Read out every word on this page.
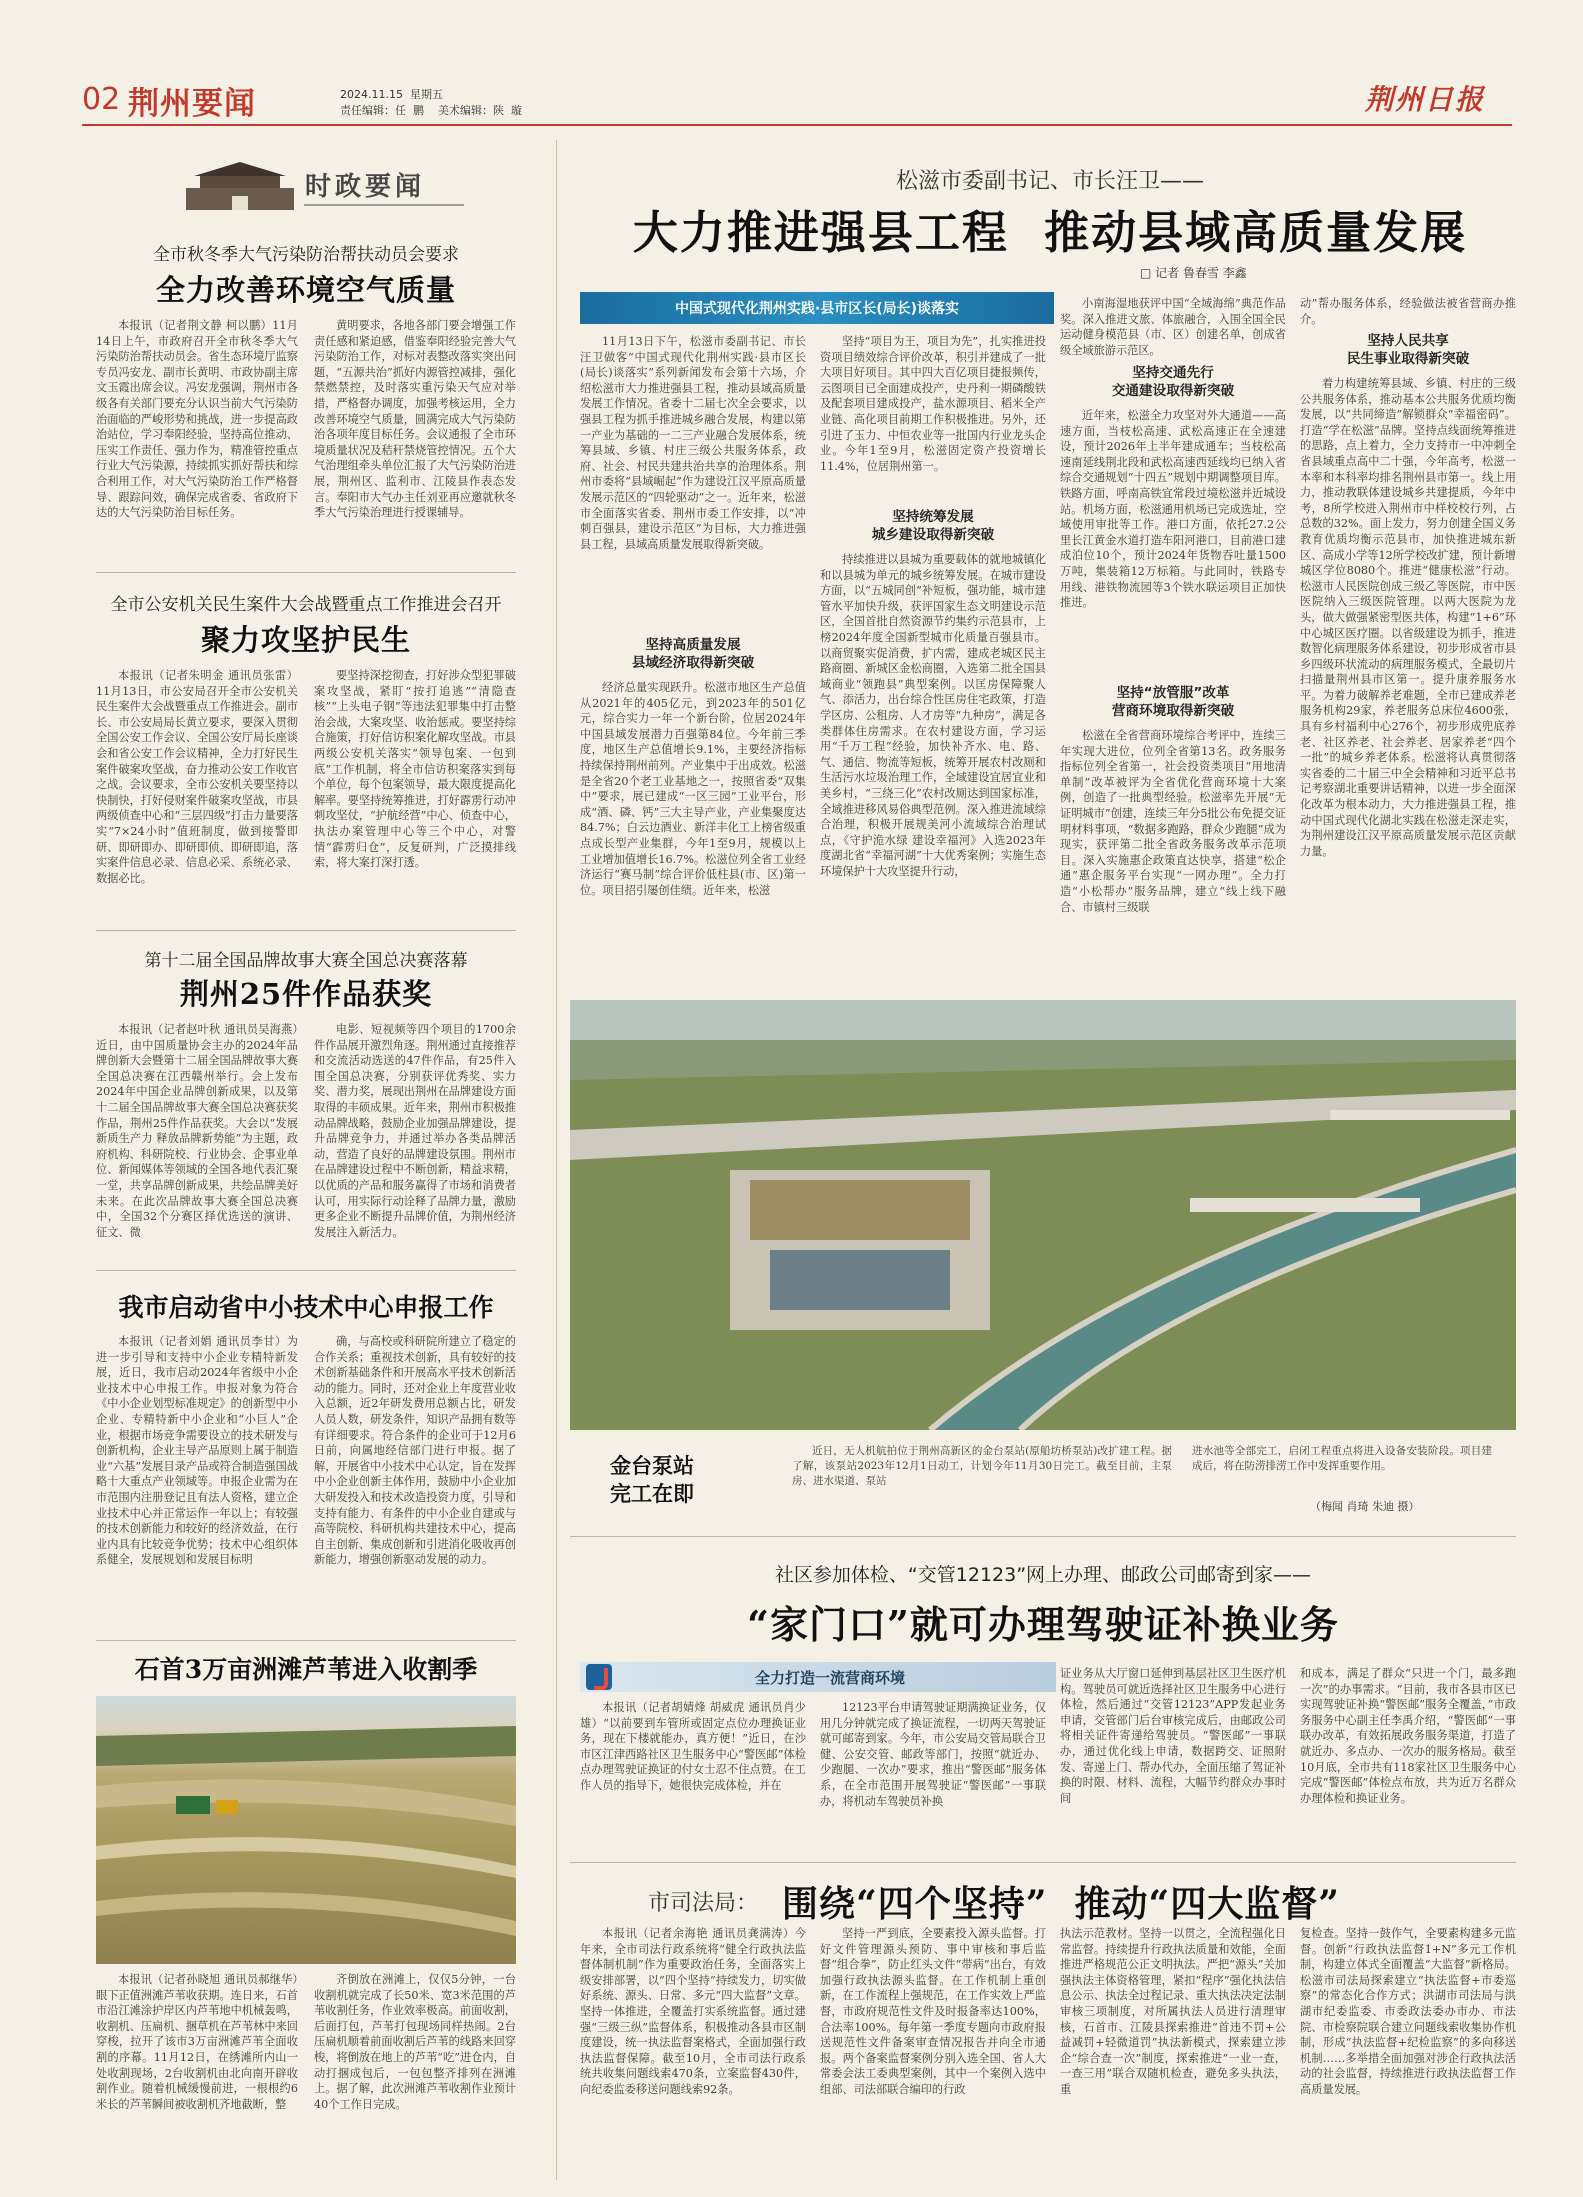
02 荆州要闻	2024.11.15  星期五
责任编辑：任  鹏    美术编辑：陕  璇	荆州日报
时政要闻
全市秋冬季大气污染防治帮扶动员会要求
全力改善环境空气质量
本报讯（记者荆文静 柯以鹏）11月14日上午，市政府召开全市秋冬季大气污染防治帮扶动员会。省生态环境厅监察专员冯安龙、副市长黄明、市政协副主席文玉霞出席会议。冯安龙强调，荆州市各级各有关部门要充分认识当前大气污染防治面临的严峻形势和挑战，进一步提高政治站位，学习奉阳经验，坚持高位推动、压实工作责任、强力作为，精准管控重点行业大气污染源，持续抓实抓好帮扶和综合利用工作，对大气污染防治工作严格督导、跟踪问效，确保完成省委、省政府下达的大气污染防治目标任务。
黄明要求，各地各部门要会增强工作责任感和紧迫感，借鉴奉阳经验完善大气污染防治工作，对标对表整改落实突出问题，“五源共治”抓好内源管控减排，强化禁燃禁控，及时落实重污染天气应对举措，严格督办调度，加强考核运用，全力改善环境空气质量，圆满完成大气污染防治各项年度目标任务。会议通报了全市环境质量状况及秸秆禁烧管控情况。五个大气治理组牵头单位汇报了大气污染防治进展，荆州区、监利市、江陵县作表态发言。奉阳市大气办主任刘亚再应邀就秋冬季大气污染治理进行授课辅导。
全市公安机关民生案件大会战暨重点工作推进会召开
聚力攻坚护民生
本报讯（记者朱明金 通讯员张雷）11月13日，市公安局召开全市公安机关民生案件大会战暨重点工作推进会。副市长、市公安局局长黄立要求，要深入贯彻全国公安工作会议、全国公安厅局长座谈会和省公安工作会议精神，全力打好民生案件破案攻坚战，奋力推动公安工作收官之战。会议要求，全市公安机关要坚持以快制快，打好侵财案件破案攻坚战，市县两级侦查中心和“三层四级”打击力量要落实“7×24小时”值班制度，做到接警即研、即研即办、即研即侦、即研即追，落实案件信息必录、信息必采、系统必录、数据必比。
要坚持深挖彻查，打好涉众型犯罪破案攻坚战，紧盯“按打追逃”“清隐查核”“上头电子钢”等违法犯罪集中打击整治会战，大案攻坚、收治惩戒。要坚持综合施策，打好信访积案化解攻坚战。市县两级公安机关落实“领导包案、一包到底”工作机制，将全市信访积案落实到每个单位，每个包案领导，最大限度提高化解率。要坚持统筹推进，打好霹雳行动冲刺攻坚仗，“护航经营”中心、侦查中心，执法办案管理中心等三个中心，对警情“霹雳归仓”，反复研判，广泛摸排线索，将大案打深打透。
第十二届全国品牌故事大赛全国总决赛落幕
荆州25件作品获奖
本报讯（记者赵叶秋 通讯员吴海燕）近日，由中国质量协会主办的2024年品牌创新大会暨第十二届全国品牌故事大赛全国总决赛在江西赣州举行。会上发布2024年中国企业品牌创新成果，以及第十二届全国品牌故事大赛全国总决赛获奖作品，荆州25件作品获奖。大会以“发展新质生产力 释放品牌新势能”为主题，政府机构、科研院校、行业协会、企事业单位、新闻媒体等领域的全国各地代表汇聚一堂，共享品牌创新成果，共绘品牌美好未来。在此次品牌故事大赛全国总决赛中，全国32个分赛区择优选送的演讲、征文、微
电影、短视频等四个项目的1700余件作品展开激烈角逐。荆州通过直接推荐和交流活动选送的47件作品，有25件入围全国总决赛，分别获评优秀奖、实力奖、潜力奖，展现出荆州在品牌建设方面取得的丰硕成果。近年来，荆州市积极推动品牌战略，鼓励企业加强品牌建设，提升品牌竞争力，并通过举办各类品牌活动，营造了良好的品牌建设氛围。荆州市在品牌建设过程中不断创新，精益求精，以优质的产品和服务赢得了市场和消费者认可，用实际行动诠释了品牌力量，激励更多企业不断提升品牌价值，为荆州经济发展注入新活力。
我市启动省中小技术中心申报工作
本报讯（记者刘娟 通讯员李甘）为进一步引导和支持中小企业专精特新发展，近日，我市启动2024年省级中小企业技术中心申报工作。申报对象为符合《中小企业划型标准规定》的创新型中小企业、专精特新中小企业和“小巨人”企业，根据市场竞争需要设立的技术研发与创新机构，企业主导产品原则上属于制造业“六基”发展目录产品或符合制造强国战略十大重点产业领域等。申报企业需为在市范围内注册登记且有法人资格，建立企业技术中心并正常运作一年以上；有较强的技术创新能力和较好的经济效益，在行业内具有比较竞争优势；技术中心组织体系健全，发展规划和发展目标明
确，与高校或科研院所建立了稳定的合作关系；重视技术创新，具有较好的技术创新基础条件和开展高水平技术创新活动的能力。同时，还对企业上年度营业收入总额，近2年研发费用总额占比，研发人员人数，研发条件，知识产品拥有数等有详细要求。符合条件的企业可于12月6日前，向属地经信部门进行申报。据了解，开展省中小技术中心认定，旨在发挥中小企业创新主体作用，鼓励中小企业加大研发投入和技术改造投资力度，引导和支持有能力、有条件的中小企业自建或与高等院校、科研机构共建技术中心，提高自主创新、集成创新和引进消化吸收再创新能力，增强创新驱动发展的动力。
石首3万亩洲滩芦苇进入收割季
本报讯（记者孙晓旭 通讯员郝继华）眼下正值洲滩芦苇收获期。连日来，石首市沿江滩涂护岸区内芦苇地中机械轰鸣，收割机、压扁机、捆草机在芦苇林中来回穿梭，拉开了该市3万亩洲滩芦苇全面收割的序幕。11月12日，在绣滩所内山一处收割现场，2台收割机由北向南开辟收割作业。随着机械缓慢前进，一根根约6米长的芦苇瞬间被收割机齐地截断，整
齐倒放在洲滩上，仅仅5分钟，一台收割机就完成了长50米、宽3米范围的芦苇收割任务，作业效率极高。前面收割，后面打包，芦苇打包现场同样热闹。2台压扁机顺着前面收割后芦苇的线路来回穿梭，将倒放在地上的芦苇“吃”进仓内，自动打捆成包后，一包包整齐排列在洲滩上。据了解，此次洲滩芦苇收割作业预计40个工作日完成。
松滋市委副书记、市长汪卫——
大力推进强县工程  推动县域高质量发展
□ 记者 鲁春雪 李鑫
中国式现代化荆州实践·县市区长(局长)谈落实
11月13日下午，松滋市委副书记、市长汪卫做客“中国式现代化荆州实践·县市区长(局长)谈落实”系列新闻发布会第十六场，介绍松滋市大力推进强县工程，推动县域高质量发展工作情况。省委十二届七次全会要求，以强县工程为抓手推进城乡融合发展，构建以第一产业为基础的一二三产业融合发展体系，统筹县域、乡镇、村庄三级公共服务体系，政府、社会、村民共建共治共享的治理体系。荆州市委将“县域崛起”作为建设江汉平原高质量发展示范区的“四轮驱动”之一。近年来，松滋市全面落实省委、荆州市委工作安排，以“冲刺百强县，建设示范区”为目标，大力推进强县工程，县域高质量发展取得新突破。
坚持高质量发展
县域经济取得新突破
经济总量实现跃升。松滋市地区生产总值从2021年的405亿元，到2023年的501亿元，综合实力一年一个新台阶，位居2024年中国县域发展潜力百强第84位。今年前三季度，地区生产总值增长9.1%，主要经济指标持续保持荆州前列。产业集中于出成效。松滋是全省20个老工业基地之一，按照省委“双集中”要求，展已建成“一区三园”工业平台，形成“酒、磷、钙”三大主导产业，产业集聚度达84.7%；白云边酒业、新洋丰化工上榜省级重点成长型产业集群，今年1至9月，规模以上工业增加值增长16.7%。松滋位列全省工业经济运行“赛马制”综合评价低柱县(市、区)第一位。项目招引屡创佳绩。近年来，松滋
坚持“项目为王，项目为先”，扎实推进投资项目绩效综合评价改革，积引并建成了一批大项目好项目。其中四大百亿项目捷报频传，云图项目已全面建成投产，史丹利一期磷酸铁及配套项目建成投产，盐水源项目、稻米全产业链、高化项目前期工作积极推进。另外，还引进了玉力、中恒农业等一批国内行业龙头企业。今年1至9月，松滋固定资产投资增长11.4%，位居荆州第一。
坚持统筹发展
城乡建设取得新突破
持续推进以县城为重要载体的就地城镇化和以县城为单元的城乡统筹发展。在城市建设方面，以“五城同创”补短板，强功能，城市建管水平加快升级，获评国家生态文明建设示范区，全国首批自然资源节约集约示范县市，上榜2024年度全国新型城市化质量百强县市。以商贸聚实促消费，扩内需，建成老城区民主路商圈、新城区金松商圈，入选第二批全国县域商业“领跑县”典型案例。以匡房保障聚人气、添活力，出台综合性匡房住宅政策，打造学区房、公租房、人才房等“九种房”，满足各类群体住房需求。在农村建设方面，学习运用“千万工程”经验，加快补齐水、电、路、气、通信、物流等短板，统筹开展农村改厕和生活污水垃圾治理工作，全域建设宜居宜业和美乡村，“三绕三化”农村改厕达到国家标准，全域推进移风易俗典型范例。深入推进流域综合治理，积极开展规美河小流域综合治理试点，《守护洈水绿 建设幸福河》入选2023年度湖北省“幸福河湖”十大优秀案例；实施生态环境保护十大攻坚提升行动，
小南海湿地获评中国“全域海绵”典范作品奖。深入推进文旅、体旅融合，入围全国全民运动健身模范县（市、区）创建名单，创成省级全域旅游示范区。
坚持交通先行
交通建设取得新突破
近年来，松滋全力攻坚对外大通道——高速方面，当枝松高速、武松高速正在全速建设，预计2026年上半年建成通车；当枝松高速南延线荆北段和武松高速西延线均已纳入省综合交通规划“十四五”规划中期调整项目库。铁路方面，呼南高铁宜常段过境松滋并近城设站。机场方面，松滋通用机场已完成选址，空域使用审批等工作。港口方面，依托27.2公里长江黄金水道打造车阳河港口，目前港口建成泊位10个，预计2024年货物吞吐量1500万吨，集装箱12万标箱。与此同时，铁路专用线、港铁物流园等3个铁水联运项目正加快推进。
坚持“放管服”改革
营商环境取得新突破
松滋在全省营商环境综合考评中，连续三年实现大进位，位列全省第13名。政务服务指标位列全省第一，社会投资类项目“用地清单制”改革被评为全省优化营商环境十大案例，创造了一批典型经验。松滋率先开展“无证明城市”创建，连续三年分5批公布免提交证明材料事项，“数据多跑路，群众少跑腿”成为现实，获评第二批全省政务服务改革示范项目。深入实施惠企政策直达快享，搭建“松企通”惠企服务平台实现“一网办理”。全力打造“小松帮办”服务品牌，建立“线上线下融合、市镇村三级联
动”帮办服务体系，经验做法被省营商办推介。
坚持人民共享
民生事业取得新突破
着力构建统筹县域、乡镇、村庄的三级公共服务体系，推动基本公共服务优质均衡发展，以“共同缔造”解锁群众“幸福密码”。打造“学在松滋”品牌。坚持点线面统筹推进的思路，点上着力，全力支持市一中冲刺全省县域重点高中二十强，今年高考，松滋一本率和本科率均排名荆州县市第一。线上用力，推动教联体建设城乡共建提质，今年中考，8所学校进入荆州市中样校校行列，占总数的32%。面上发力，努力创建全国义务教育优质均衡示范县市，加快推进城东新区、高成小学等12所学校改扩建，预计新增城区学位8080个。推进“健康松滋”行动。松滋市人民医院创成三级乙等医院，市中医医院纳入三级医院管理。以两大医院为龙头，做大做强紧密型医共体，构建“1+6”环中心城区医疗圈。以省级建设为抓手，推进数智化病理服务体系建设，初步形成省市县乡四级环状流动的病理服务模式，全最切片扫描量荆州县市区第一。提升康养服务水平。为着力破解养老难题，全市已建成养老服务机构29家，养老服务总床位4600张，具有乡村福利中心276个，初步形成兜底养老、社区养老、社会养老、居家养老“四个一批”的城乡养老体系。松滋将认真贯彻落实省委的二十届三中全会精神和习近平总书记考察湖北重要讲话精神，以进一步全面深化改革为根本动力，大力推进强县工程，推动中国式现代化湖北实践在松滋走深走实，为荆州建设江汉平原高质量发展示范区贡献力量。
金台泵站
完工在即
近日，无人机航拍位于荆州高新区的金台泵站(原船坊桥泵站)改扩建工程。据了解，该泵站2023年12月1日动工，计划今年11月30日完工。截至目前，主泵房、进水渠道、泵站
进水池等全部完工，启闭工程重点将进入设备安装阶段。项目建成后，将在防涝排涝工作中发挥重要作用。
（梅闻 肖琦 朱迪 摄）
社区参加体检、“交管12123”网上办理、邮政公司邮寄到家——
“家门口”就可办理驾驶证补换业务
全力打造一流营商环境
本报讯（记者胡婧烽 胡威虎 通讯员肖少雄）“以前要到车管所或固定点位办理换证业务，现在下楼就能办，真方便！”近日，在沙市区江津西路社区卫生服务中心“警医邮”体检点办理驾驶证换证的付女士忍不住点赞。在工作人员的指导下，她很快完成体检，并在
12123平台申请驾驶证期满换证业务，仅用几分钟就完成了换证流程，一切两天驾驶证就可邮寄到家。今年，市公安局交管局联合卫健、公安交管、邮政等部门，按照“就近办、少跑腿、一次办”要求，推出“警医邮”服务体系，在全市范围开展驾驶证“警医邮”一事联办，将机动车驾驶员补换
证业务从大厅窗口延伸到基层社区卫生医疗机构。驾驶员可就近选择社区卫生服务中心进行体检，然后通过“交管12123”APP发起业务申请，交管部门后台审核完成后，由邮政公司将相关证件寄递给驾驶员。“警医邮”一事联办，通过优化线上申请，数据跨交、证照附发、寄递上门、帮办代办，全面压缩了驾证补换的时限、材料、流程，大幅节约群众办事时间
和成本，满足了群众“只进一个门，最多跑一次”的办事需求。“目前，我市各县市区已实现驾驶证补换“警医邮”服务全覆盖，”市政务服务中心副主任李禹介绍，“警医邮”一事联办改革，有效拓展政务服务渠道，打造了就近办、多点办、一次办的服务格局。截至10月底，全市共有118家社区卫生服务中心完成“警医邮”体检点布放，共为近万名群众办理体检和换证业务。
市司法局： 围绕“四个坚持”  推动“四大监督”
本报讯（记者余海艳 通讯员龚满涛）今年来，全市司法行政系统将“健全行政执法监督体制机制”作为重要政治任务，全面落实上级安排部署，以“四个坚持”持续发力，切实做好系统、源头、日常、多元“四大监督”文章。坚持一体推进，全覆盖打实系统监督。通过建强“三级三纵”监督体系，积极推动各县市区制度建设，统一执法监督案格式，全面加强行政执法监督保障。截至10月，全市司法行政系统共收集问题线索470条，立案监督430件，向纪委监委移送问题线索92条。
坚持一严到底，全要素投入源头监督。打好文件管理源头预防、事中审核和事后监督“组合拳”，防止红头文件“带病”出台，有效加强行政执法源头监督。在工作机制上重创新，在工作流程上强规范，在工作实效上严监督，市政府规范性文件及时报备率达100%，合法率100%。每年第一季度专题向市政府报送规范性文件备案审查情况报告并向全市通报。两个备案监督案例分别入选全国、省人大常委会法工委典型案例，其中一个案例入选中组部、司法部联合编印的行政
执法示范教材。坚持一以贯之，全流程强化日常监督。持续提升行政执法质量和效能，全面推进严格规范公正文明执法。严把“源头”关加强执法主体资格管理，紧扣“程序”强化执法信息公示、执法全过程记录、重大执法决定法制审核三项制度，对所属执法人员进行清理审核，石首市、江陵县探索推进“首违不罚+公益减罚+轻微道罚”执法新模式，探索建立涉企“综合查一次”制度，探索推进“一业一查，一查三用”联合双随机检查，避免多头执法，重
复检查。坚持一鼓作气，全要素构建多元监督。创新“行政执法监督1+N”多元工作机制，构建立体式全面覆盖“大监督”新格局。松滋市司法局探索建立“执法监督+市委巡察”的常态化合作方式；洪湖市司法局与洪湖市纪委监委、市委政法委办市办、市法院、市检察院联合建立问题线索收集协作机制，形成“执法监督+纪检监察”的多向移送机制……多举措全面加强对涉企行政执法活动的社会监督，持续推进行政执法监督工作高质量发展。
